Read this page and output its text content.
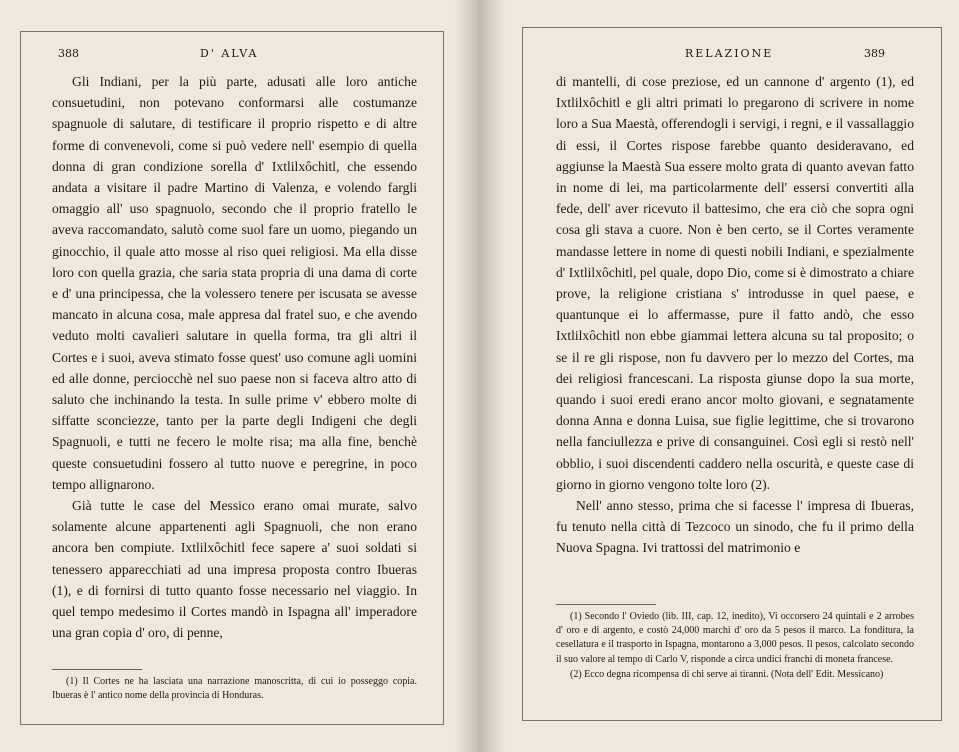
388	D' ALVA

Gli Indiani, per la più parte, adusati alle loro antiche consuetudini, non potevano conformarsi alle costumanze spagnuole di salutare, di testificare il proprio rispetto e di altre forme di convenevoli, come si può vedere nell' esempio di quella donna di gran condizione sorella d' Ixtlilxôchitl, che essendo andata a visitare il padre Martino di Valenza, e volendo fargli omaggio all' uso spagnuolo, secondo che il proprio fratello le aveva raccomandato, salutò come suol fare un uomo, piegando un ginocchio, il quale atto mosse al riso quei religiosi. Ma ella disse loro con quella grazia, che saria stata propria di una dama di corte e d' una principessa, che la volessero tenere per iscusata se avesse mancato in alcuna cosa, male appresa dal fratel suo, e che avendo veduto molti cavalieri salutare in quella forma, tra gli altri il Cortes e i suoi, aveva stimato fosse quest' uso comune agli uomini ed alle donne, perciocchè nel suo paese non si faceva altro atto di saluto che inchinando la testa. In sulle prime v' ebbero molte di siffatte sconciezze, tanto per la parte degli Indigeni che degli Spagnuoli, e tutti ne fecero le molte risa; ma alla fine, benchè queste consuetudini fossero al tutto nuove e peregrine, in poco tempo allignarono.

Già tutte le case del Messico erano omai murate, salvo solamente alcune appartenenti agli Spagnuoli, che non erano ancora ben compiute. Ixtlilxôchitl fece sapere a' suoi soldati si tenessero apparecchiati ad una impresa proposta contro Ibueras (1), e di fornirsi di tutto quanto fosse necessario nel viaggio. In quel tempo medesimo il Cortes mandò in Ispagna all' imperadore una gran copia d' oro, di penne,

(1) Il Cortes ne ha lasciata una narrazione manoscritta, di cui io posseggo copia. Ibueras è l' antico nome della provincia di Honduras.

RELAZIONE	389

di mantelli, di cose preziose, ed un cannone d' argento (1), ed Ixtlilxôchitl e gli altri primati lo pregarono di scrivere in nome loro a Sua Maestà, offerendogli i servigi, i regni, e il vassallaggio di essi, il Cortes rispose farebbe quanto desideravano, ed aggiunse la Maestà Sua essere molto grata di quanto avevan fatto in nome di lei, ma particolarmente dell' essersi convertiti alla fede, dell' aver ricevuto il battesimo, che era ciò che sopra ogni cosa gli stava a cuore. Non è ben certo, se il Cortes veramente mandasse lettere in nome di questi nobili Indiani, e spezialmente d' Ixtlilxôchitl, pel quale, dopo Dio, come si è dimostrato a chiare prove, la religione cristiana s' introdusse in quel paese, e quantunque ei lo affermasse, pure il fatto andò, che esso Ixtlilxôchitl non ebbe giammai lettera alcuna su tal proposito; o se il re gli rispose, non fu davvero per lo mezzo del Cortes, ma dei religiosi francescani. La risposta giunse dopo la sua morte, quando i suoi eredi erano ancor molto giovani, e segnatamente donna Anna e donna Luisa, sue figlie legittime, che si trovarono nella fanciullezza e prive di consanguinei. Così egli si restò nell' obblio, i suoi discendenti caddero nella oscurità, e queste case di giorno in giorno vengono tolte loro (2).

Nell' anno stesso, prima che si facesse l' impresa di Ibueras, fu tenuto nella città di Tezcoco un sinodo, che fu il primo della Nuova Spagna. Ivi trattossi del matrimonio e

(1) Secondo l' Oviedo (lib. III, cap. 12, inedito), Vi occorsero 24 quintali e 2 arrobes d' oro e di argento, e costò 24,000 marchi d' oro da 5 pesos il marco. La fonditura, la cesellatura e il trasporto in Ispagna, montarono a 3,000 pesos. Il pesos, calcolato secondo il suo valore al tempo di Carlo V, risponde a circa undici franchi di moneta francese.

(2) Ecco degna ricompensa di chi serve ai tiranni. (Nota dell' Edit. Messicano)
